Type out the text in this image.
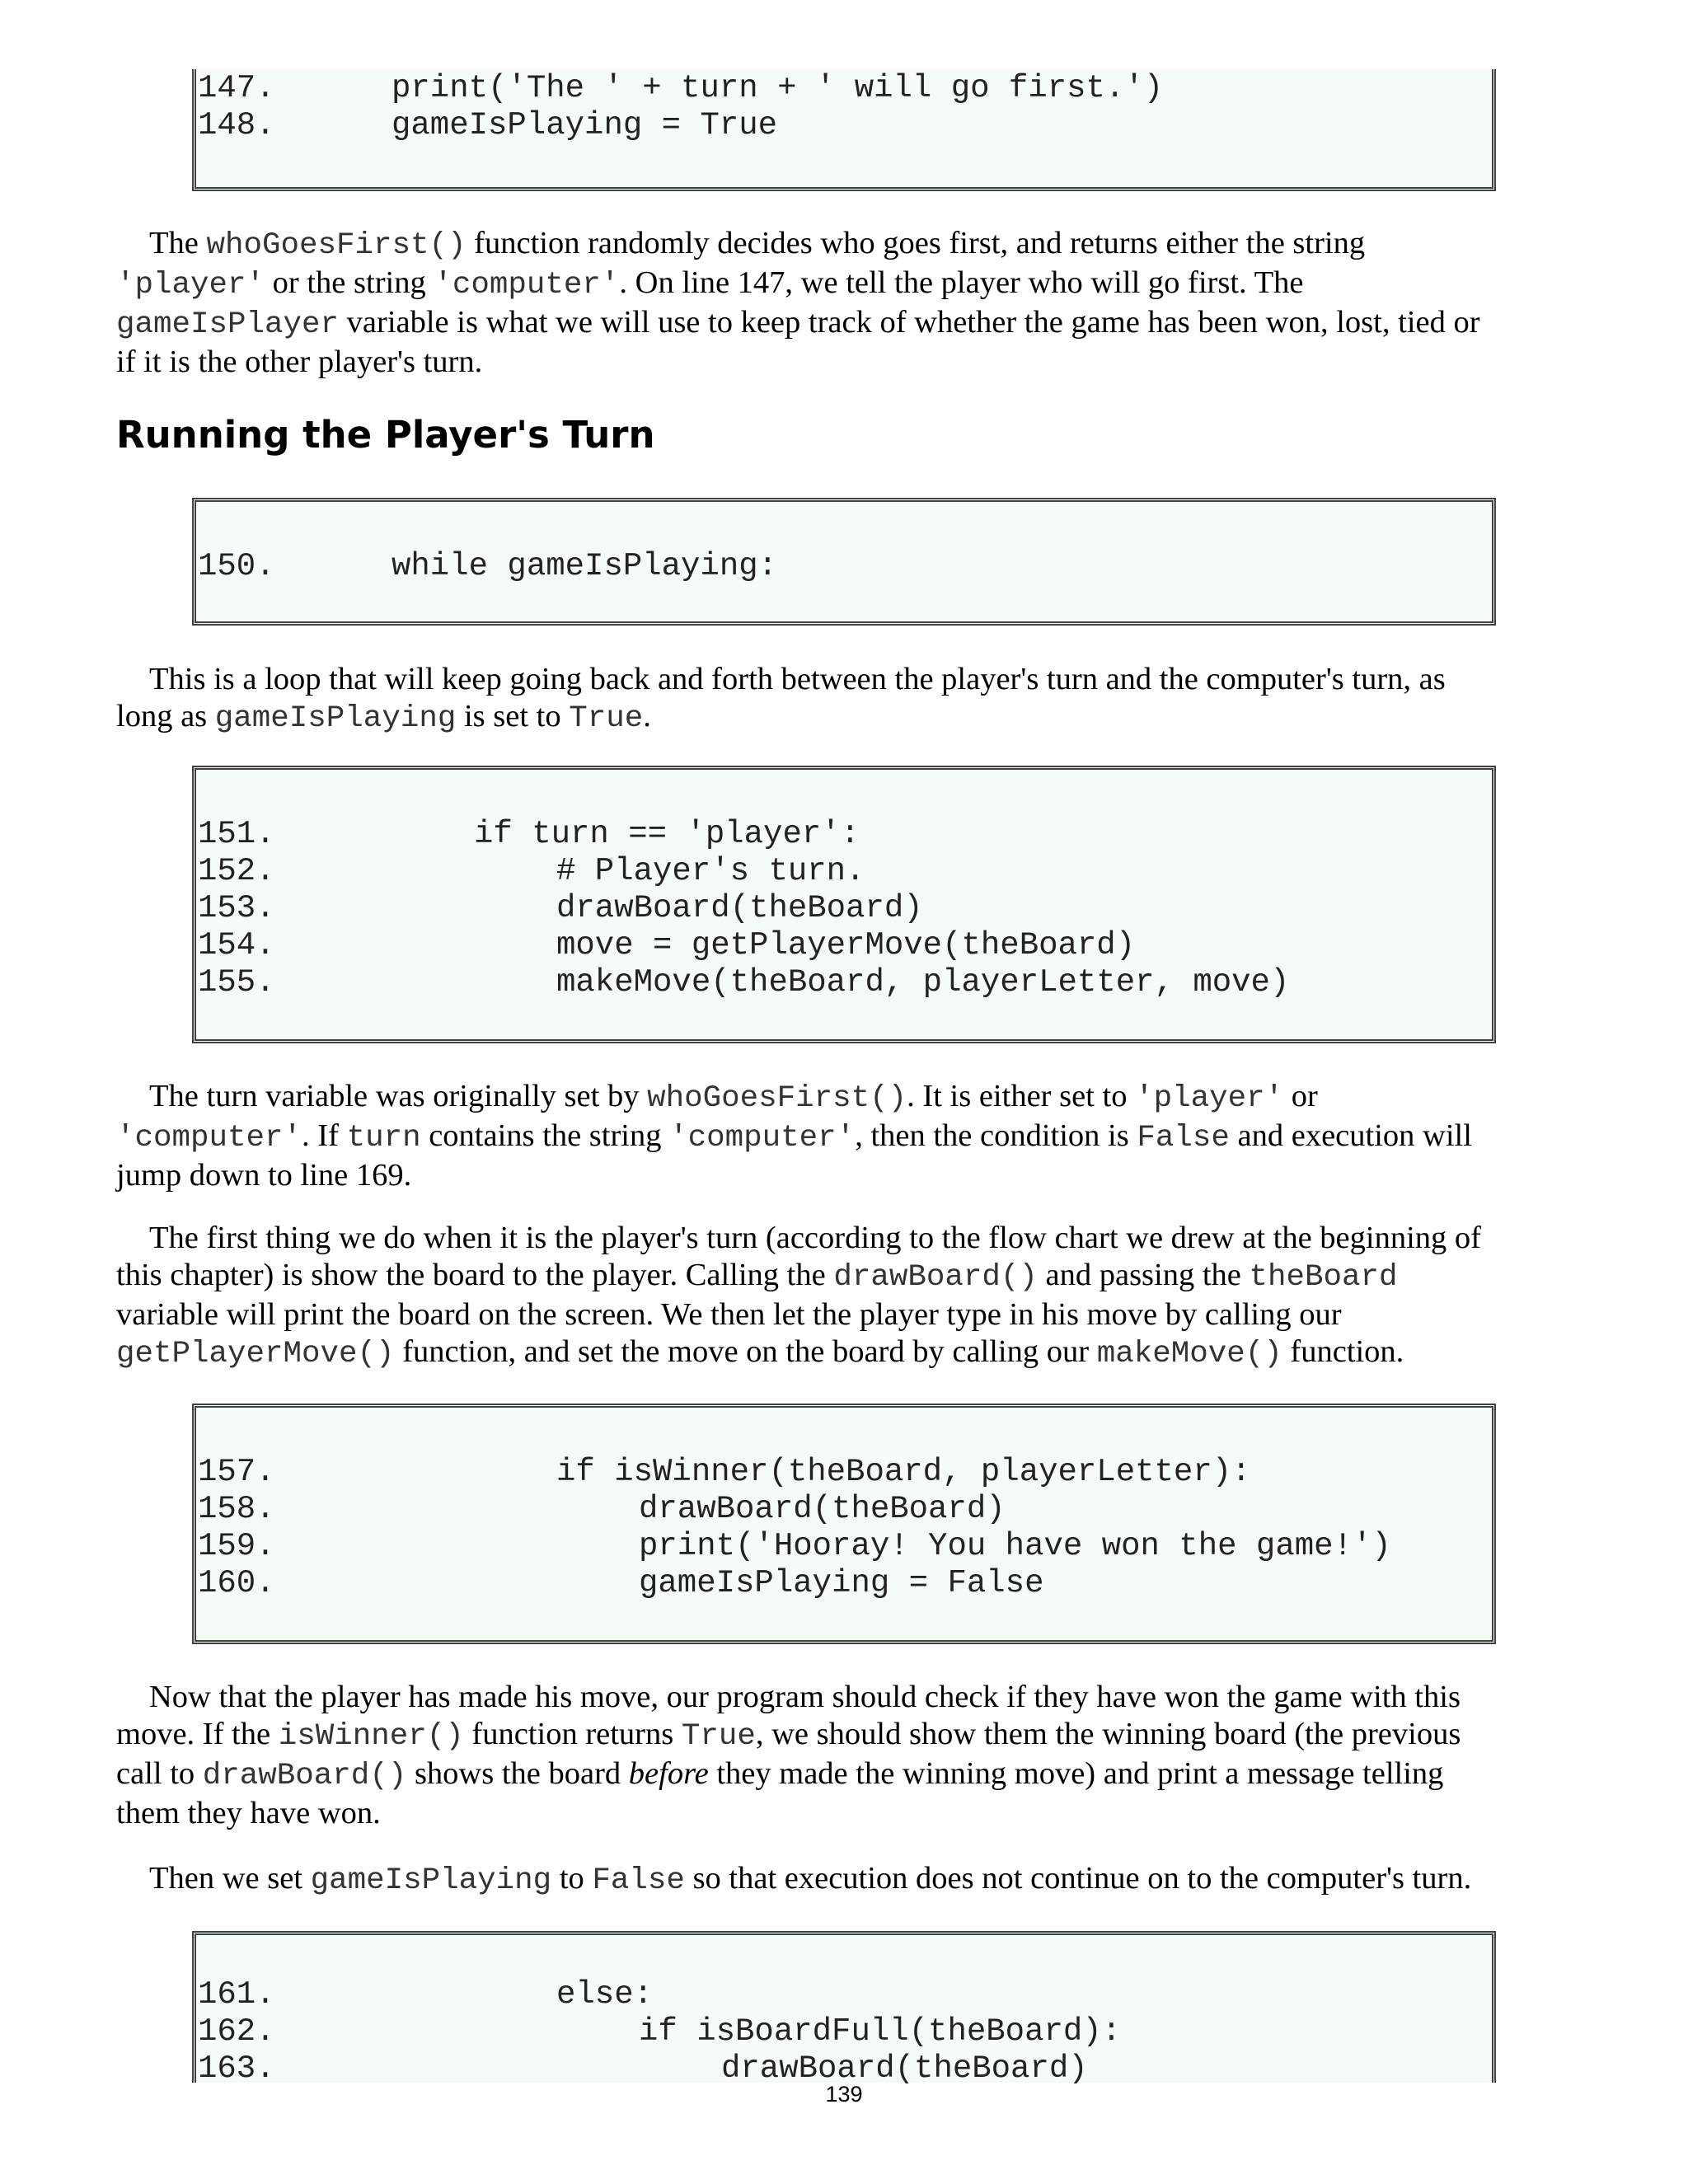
147.	print('The ' + turn + ' will go first.')
148.	gameIsPlaying = True

The whoGoesFirst() function randomly decides who goes first, and returns either the string
'player' or the string 'computer'. On line 147, we tell the player who will go first. The
gameIsPlayer variable is what we will use to keep track of whether the game has been won, lost, tied or
if it is the other player's turn.

Running the Player's Turn
150.	while gameIsPlaying:

This is a loop that will keep going back and forth between the player's turn and the computer's turn, as
long as gameIsPlaying is set to True.

151.	if turn == 'player':
152.	# Player's turn.
153.	drawBoard(theBoard)
154.	move = getPlayerMove(theBoard)
155.	makeMove(theBoard, playerLetter, move)

The turn variable was originally set by whoGoesFirst(). It is either set to 'player' or
'computer'. If turn contains the string 'computer', then the condition is False and execution will
jump down to line 169.

The first thing we do when it is the player's turn (according to the flow chart we drew at the beginning of
this chapter) is show the board to the player. Calling the drawBoard() and passing the theBoard
variable will print the board on the screen. We then let the player type in his move by calling our
getPlayerMove() function, and set the move on the board by calling our makeMove() function.

157.	if isWinner(theBoard, playerLetter):
158.	drawBoard(theBoard)
159.	print('Hooray! You have won the game!')
160.	gameIsPlaying = False

Now that the player has made his move, our program should check if they have won the game with this
move. If the isWinner() function returns True, we should show them the winning board (the previous
call to drawBoard() shows the board before they made the winning move) and print a message telling
them they have won.

Then we set gameIsPlaying to False so that execution does not continue on to the computer's turn.

161.	else:
162.	if isBoardFull(theBoard):
163.	drawBoard(theBoard)
139
